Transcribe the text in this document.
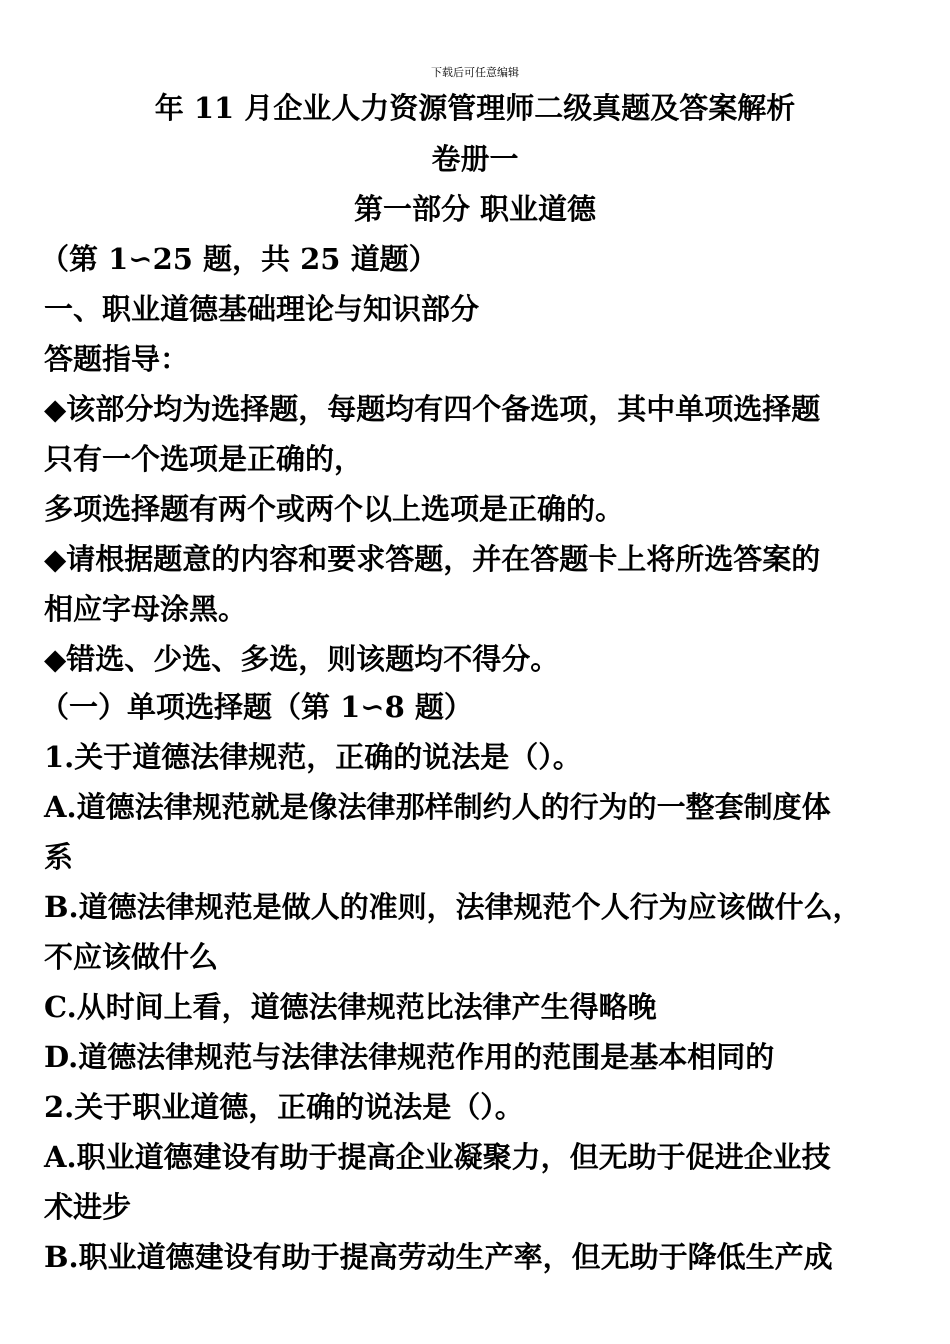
下载后可任意编辑
年 11 月企业人力资源管理师二级真题及答案解析
卷册一
第一部分 职业道德
（第 1∽25 题，共 25 道题）
一、职业道德基础理论与知识部分
答题指导：
◆该部分均为选择题，每题均有四个备选项，其中单项选择题
只有一个选项是正确的，
多项选择题有两个或两个以上选项是正确的。
◆请根据题意的内容和要求答题，并在答题卡上将所选答案的
相应字母涂黑。
◆错选、少选、多选，则该题均不得分。
（一）单项选择题（第 1∽8 题）
1.关于道德法律规范，正确的说法是（）。
A.道德法律规范就是像法律那样制约人的行为的一整套制度体
系
B.道德法律规范是做人的准则，法律规范个人行为应该做什么，
不应该做什么
C.从时间上看，道德法律规范比法律产生得略晚
D.道德法律规范与法律法律规范作用的范围是基本相同的
2.关于职业道德，正确的说法是（）。
A.职业道德建设有助于提高企业凝聚力，但无助于促进企业技
术进步
B.职业道德建设有助于提高劳动生产率，但无助于降低生产成
